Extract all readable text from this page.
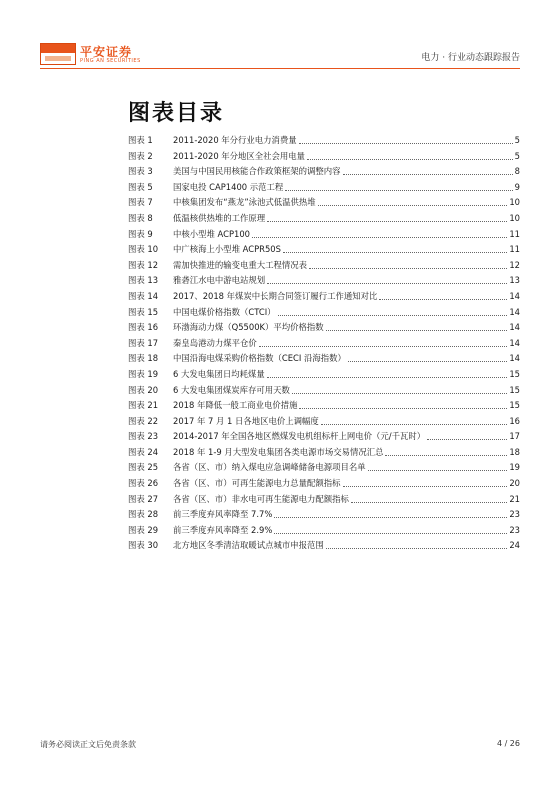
平安证券
PING AN SECURITIES	电力 · 行业动态跟踪报告
图表目录
图表 1	2011-2020 年分行业电力消费量	5
图表 2	2011-2020 年分地区全社会用电量	5
图表 3	美国与中国民用核能合作政策框架的调整内容	8
图表 5	国家电投 CAP1400 示范工程	9
图表 7	中核集团发布“燕龙”泳池式低温供热堆	10
图表 8	低温核供热堆的工作原理	10
图表 9	中核小型堆 ACP100	11
图表 10	中广核海上小型堆 ACPR50S	11
图表 12	需加快推进的输变电重大工程情况表	12
图表 13	雅砻江水电中游电站规划	13
图表 14	2017、2018 年煤炭中长期合同签订履行工作通知对比	14
图表 15	中国电煤价格指数（CTCI）	14
图表 16	环渤海动力煤（Q5500K）平均价格指数	14
图表 17	秦皇岛港动力煤平仓价	14
图表 18	中国沿海电煤采购价格指数（CECI 沿海指数）	14
图表 19	6 大发电集团日均耗煤量	15
图表 20	6 大发电集团煤炭库存可用天数	15
图表 21	2018 年降低一般工商业电价措施	15
图表 22	2017 年 7 月 1 日各地区电价上调幅度	16
图表 23	2014-2017 年全国各地区燃煤发电机组标杆上网电价（元/千瓦时）	17
图表 24	2018 年 1-9 月大型发电集团各类电源市场交易情况汇总	18
图表 25	各省（区、市）纳入煤电应急调峰储备电源项目名单	19
图表 26	各省（区、市）可再生能源电力总量配额指标	20
图表 27	各省（区、市）非水电可再生能源电力配额指标	21
图表 28	前三季度弃风率降至 7.7%	23
图表 29	前三季度弃风率降至 2.9%	23
图表 30	北方地区冬季清洁取暖试点城市申报范围	24
请务必阅读正文后免责条款	4 / 26
